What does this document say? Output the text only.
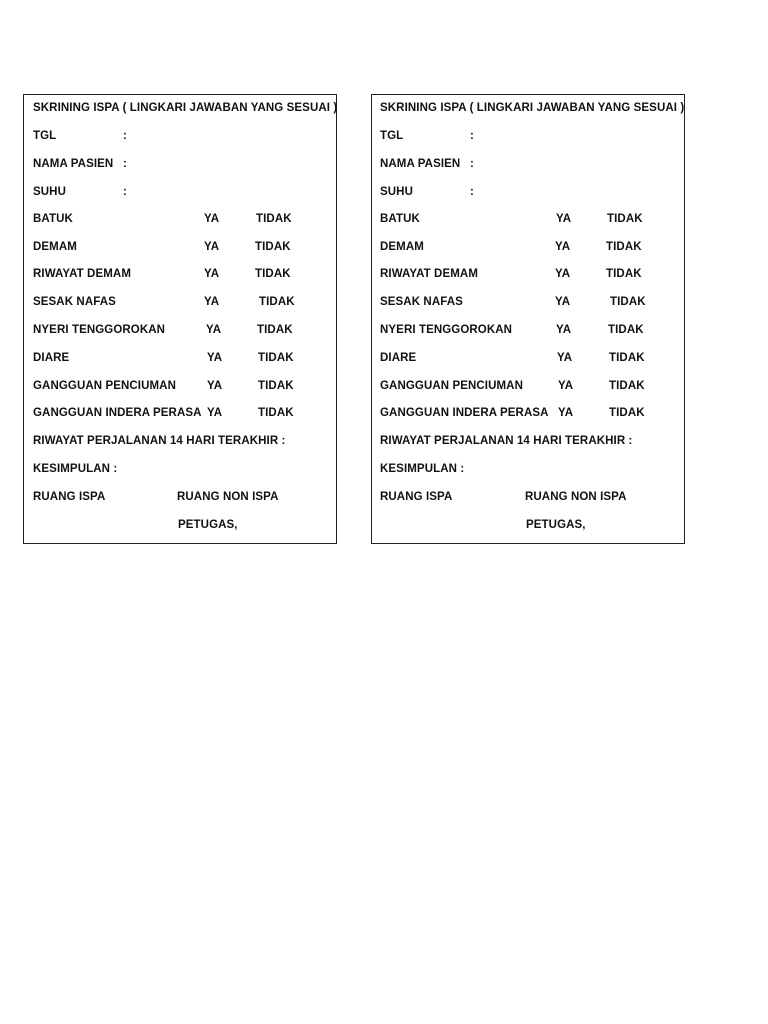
SKRINING ISPA ( LINGKARI JAWABAN YANG SESUAI )
TGL	:
NAMA PASIEN :
SUHU	:
BATUK	YA	TIDAK
DEMAM	YA	TIDAK
RIWAYAT DEMAM	YA	TIDAK
SESAK NAFAS	YA	TIDAK
NYERI TENGGOROKAN	YA	TIDAK
DIARE	YA	TIDAK
GANGGUAN PENCIUMAN	YA	TIDAK
GANGGUAN INDERA PERASA YA	TIDAK
RIWAYAT PERJALANAN 14 HARI TERAKHIR :
KESIMPULAN :
RUANG ISPA	RUANG NON ISPA
PETUGAS,
SKRINING ISPA ( LINGKARI JAWABAN YANG SESUAI )
TGL	:
NAMA PASIEN :
SUHU	:
BATUK	YA	TIDAK
DEMAM	YA	TIDAK
RIWAYAT DEMAM	YA	TIDAK
SESAK NAFAS	YA	TIDAK
NYERI TENGGOROKAN	YA	TIDAK
DIARE	YA	TIDAK
GANGGUAN PENCIUMAN	YA	TIDAK
GANGGUAN INDERA PERASA YA	TIDAK
RIWAYAT PERJALANAN 14 HARI TERAKHIR :
KESIMPULAN :
RUANG ISPA	RUANG NON ISPA
PETUGAS,
